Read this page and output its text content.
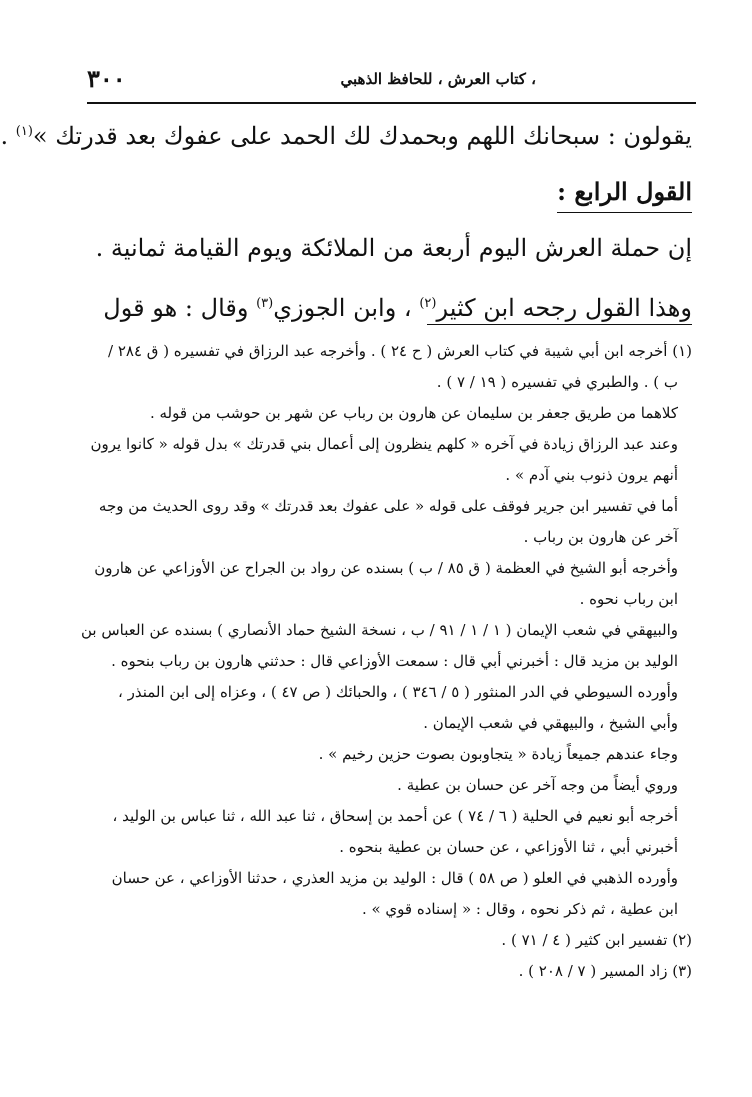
، كتاب العرش ، للحافظ الذهبي
٣٠٠
يقولون : سبحانك اللهم وبحمدك لك الحمد على عفوك بعد قدرتك »$^{(١)}$ .
القول الرابع :
إن حملة العرش اليوم أربعة من الملائكة ويوم القيامة ثمانية .
وهذا القول رجحه ابن كثير$^{(٢)}$ ، وابن الجوزي$^{(٣)}$ وقال : هو قول
(١) أخرجه ابن أبي شيبة في كتاب العرش ( ح ٢٤ ) . وأخرجه عبد الرزاق في تفسيره ( ق ٢٨٤ /
ب ) . والطبري في تفسيره ( ١٩ / ٧ ) .
كلاهما من طريق جعفر بن سليمان عن هارون بن رباب عن شهر بن حوشب من قوله .
وعند عبد الرزاق زيادة في آخره « كلهم ينظرون إلى أعمال بني قدرتك » بدل قوله « كانوا يرون
أنهم يرون ذنوب بني آدم » .
أما في تفسير ابن جرير فوقف على قوله « على عفوك بعد قدرتك » وقد روى الحديث من وجه
آخر عن هارون بن رباب .
وأخرجه أبو الشيخ في العظمة ( ق ٨٥ / ب ) بسنده عن رواد بن الجراح عن الأوزاعي عن هارون
ابن رباب نحوه .
والبيهقي في شعب الإيمان ( ١ / ١ / ٩١ / ب ، نسخة الشيخ حماد الأنصاري ) بسنده عن العباس بن
الوليد بن مزيد قال : أخبرني أبي قال : سمعت الأوزاعي قال : حدثني هارون بن رباب بنحوه .
وأورده السيوطي في الدر المنثور ( ٥ / ٣٤٦ ) ، والحبائك ( ص ٤٧ ) ، وعزاه إلى ابن المنذر ،
وأبي الشيخ ، والبيهقي في شعب الإيمان .
وجاء عندهم جميعاً زيادة « يتجاوبون بصوت حزين رخيم » .
وروي أيضاً من وجه آخر عن حسان بن عطية .
أخرجه أبو نعيم في الحلية ( ٦ / ٧٤ ) عن أحمد بن إسحاق ، ثنا عبد الله ، ثنا عباس بن الوليد ،
أخبرني أبي ، ثنا الأوزاعي ، عن حسان بن عطية بنحوه .
وأورده الذهبي في العلو ( ص ٥٨ ) قال : الوليد بن مزيد العذري ، حدثنا الأوزاعي ، عن حسان
ابن عطية ، ثم ذكر نحوه ، وقال : « إسناده قوي » .
(٢) تفسير ابن كثير ( ٤ / ٧١ ) .
(٣) زاد المسير ( ٧ / ٢٠٨ ) .
